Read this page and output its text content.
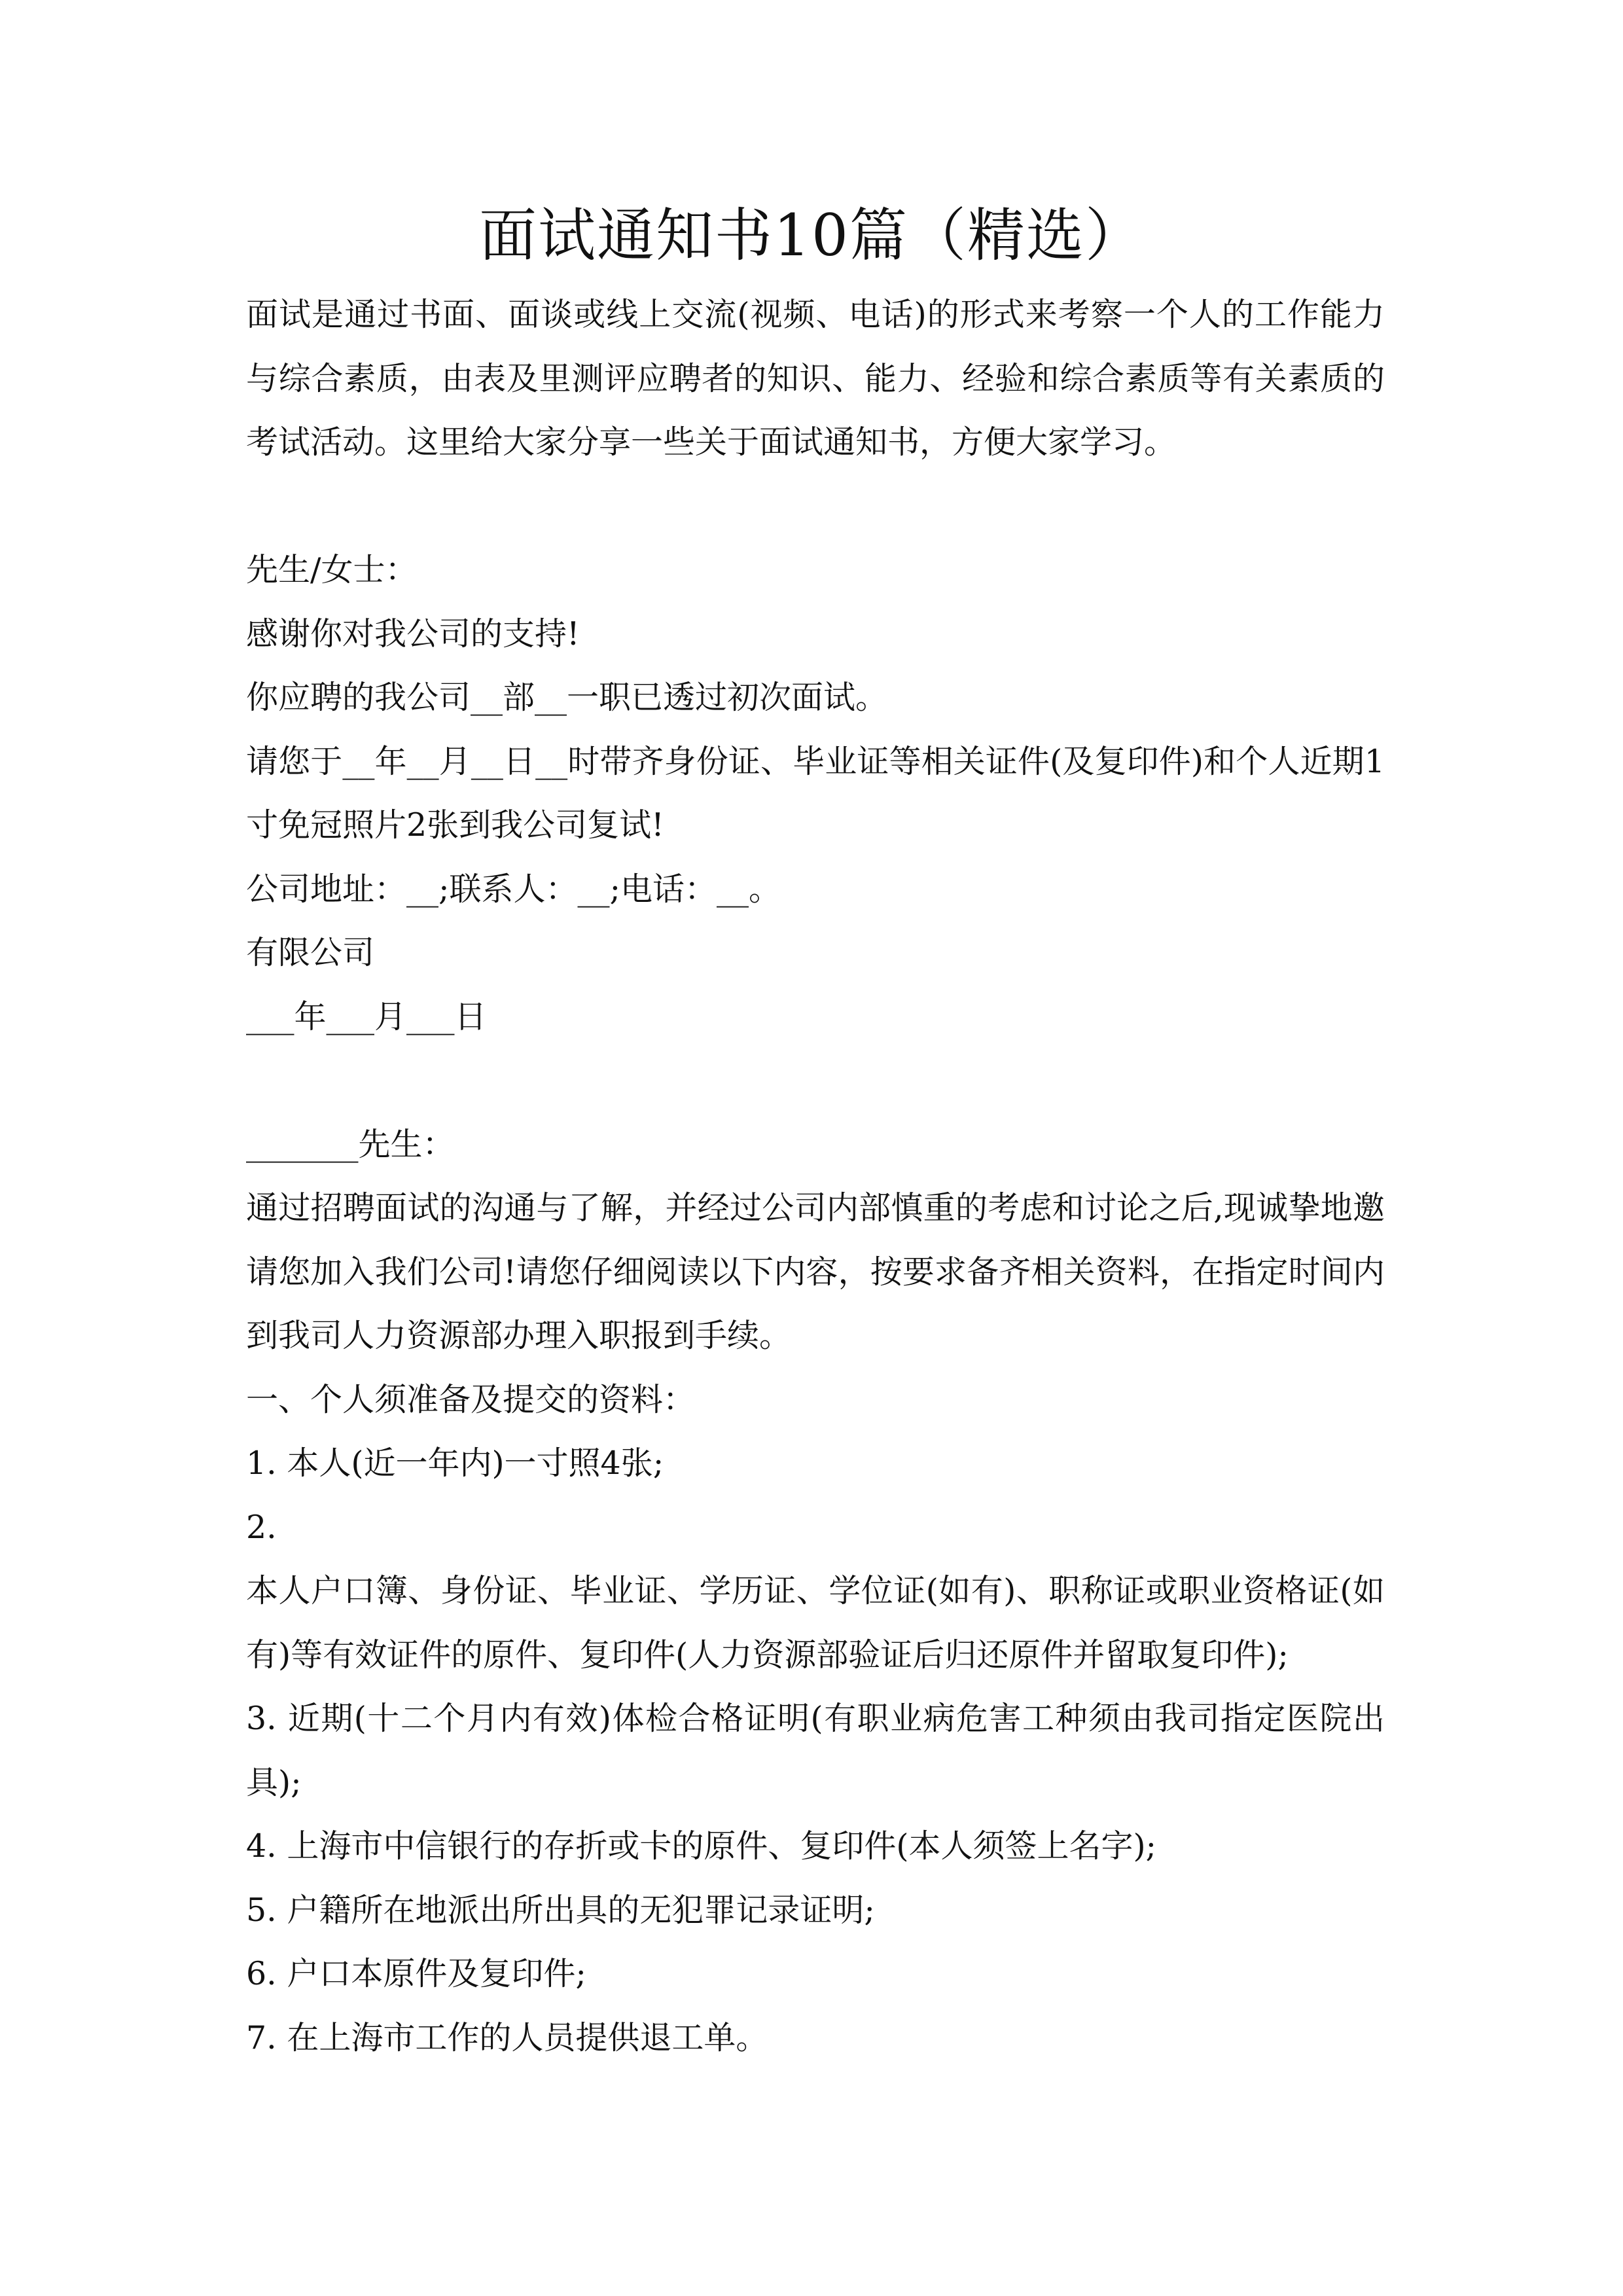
面试通知书10篇（精选）

面试是通过书面、面谈或线上交流(视频、电话)的形式来考察一个人的工作能力与综合素质，由表及里测评应聘者的知识、能力、经验和综合素质等有关素质的考试活动。这里给大家分享一些关于面试通知书，方便大家学习。

先生/女士：

感谢你对我公司的支持!

你应聘的我公司__部__一职已透过初次面试。

请您于__年__月__日__时带齐身份证、毕业证等相关证件(及复印件)和个人近期1寸免冠照片2张到我公司复试!

公司地址：__;联系人：__;电话：__。

有限公司

___年___月___日

_______先生：

通过招聘面试的沟通与了解，并经过公司内部慎重的考虑和讨论之后,现诚挚地邀请您加入我们公司!请您仔细阅读以下内容，按要求备齐相关资料，在指定时间内到我司人力资源部办理入职报到手续。

一、个人须准备及提交的资料：

1. 本人(近一年内)一寸照4张;

2.

本人户口簿、身份证、毕业证、学历证、学位证(如有)、职称证或职业资格证(如有)等有效证件的原件、复印件(人力资源部验证后归还原件并留取复印件);

3. 近期(十二个月内有效)体检合格证明(有职业病危害工种须由我司指定医院出具);

4. 上海市中信银行的存折或卡的原件、复印件(本人须签上名字);

5. 户籍所在地派出所出具的无犯罪记录证明;

6. 户口本原件及复印件;

7. 在上海市工作的人员提供退工单。
